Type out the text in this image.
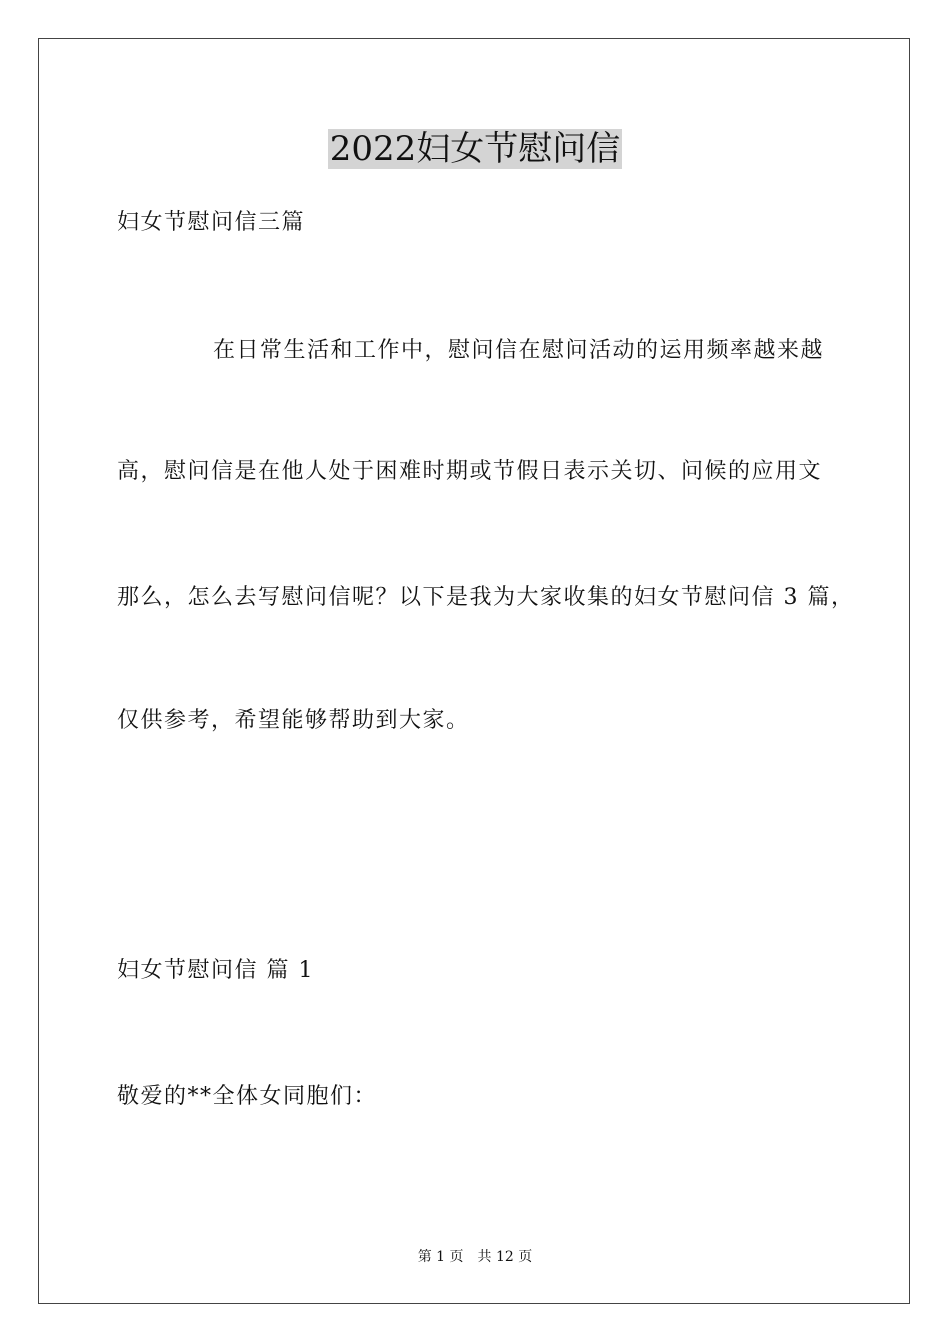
2022妇女节慰问信
妇女节慰问信三篇
在日常生活和工作中，慰问信在慰问活动的运用频率越来越
高，慰问信是在他人处于困难时期或节假日表示关切、问候的应用文
那么，怎么去写慰问信呢？以下是我为大家收集的妇女节慰问信 3 篇，
仅供参考，希望能够帮助到大家。
妇女节慰问信 篇 1
敬爱的**全体女同胞们：
第 1 页 共 12 页
